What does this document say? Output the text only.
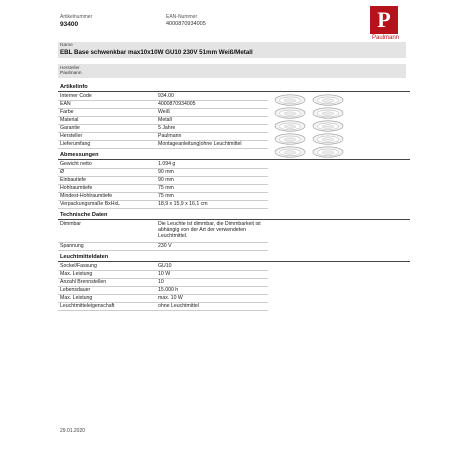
Artikelnummer
93400
EAN-Nummer
4000870934005	P
Paulmann
Name
EBL Base schwenkbar max10x10W GU10 230V 51mm Weiß/Metall
Hersteller
Paulmann
Artikelinfo
Interner Code	934.00
EAN	4000870934005
Farbe	Weiß
Material	Metall
Garantie	5 Jahre
Hersteller	Paulmann
Lieferumfang	Montageanleitung|ohne Leuchtmittel
Abmessungen
Gewicht netto	1.094 g
Ø	90 mm
Einbautiefe	90 mm
Hohlraumtiefe	75 mm
Mindest-Hohlraumtiefe	75 mm
Verpackungsmaße BxHxL	18,9 x 15,9 x 16,1 cm
Technische Daten
Dimmbar	Die Leuchte ist dimmbar, die Dimmbarkeit ist abhängig von der Art der verwendeten Leuchtmittel.
Spannung	230 V
Leuchtmitteldaten
Sockel/Fassung	GU10
Max. Leistung	10 W
Anzahl Brennstellen	10
Lebensdauer	15.000 h
Max. Leistung	max. 10 W
Leuchtmitteleigenschaft	ohne Leuchtmittel
29.01.2020
